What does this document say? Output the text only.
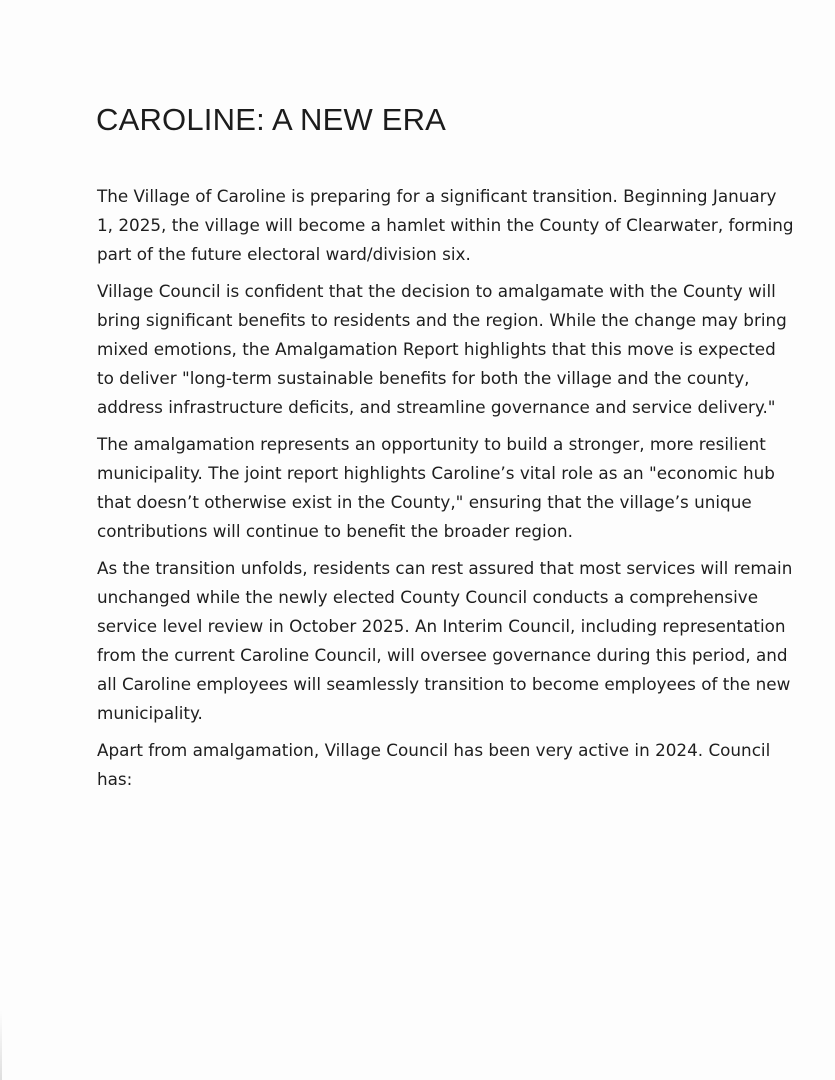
CAROLINE: A NEW ERA

The Village of Caroline is preparing for a significant transition. Beginning January 1, 2025, the village will become a hamlet within the County of Clearwater, forming part of the future electoral ward/division six.

Village Council is confident that the decision to amalgamate with the County will bring significant benefits to residents and the region. While the change may bring mixed emotions, the Amalgamation Report highlights that this move is expected to deliver "long-term sustainable benefits for both the village and the county, address infrastructure deficits, and streamline governance and service delivery."

The amalgamation represents an opportunity to build a stronger, more resilient municipality. The joint report highlights Caroline’s vital role as an "economic hub that doesn’t otherwise exist in the County," ensuring that the village’s unique contributions will continue to benefit the broader region.

As the transition unfolds, residents can rest assured that most services will remain unchanged while the newly elected County Council conducts a comprehensive service level review in October 2025. An Interim Council, including representation from the current Caroline Council, will oversee governance during this period, and all Caroline employees will seamlessly transition to become employees of the new municipality.

Apart from amalgamation, Village Council has been very active in 2024. Council has:
